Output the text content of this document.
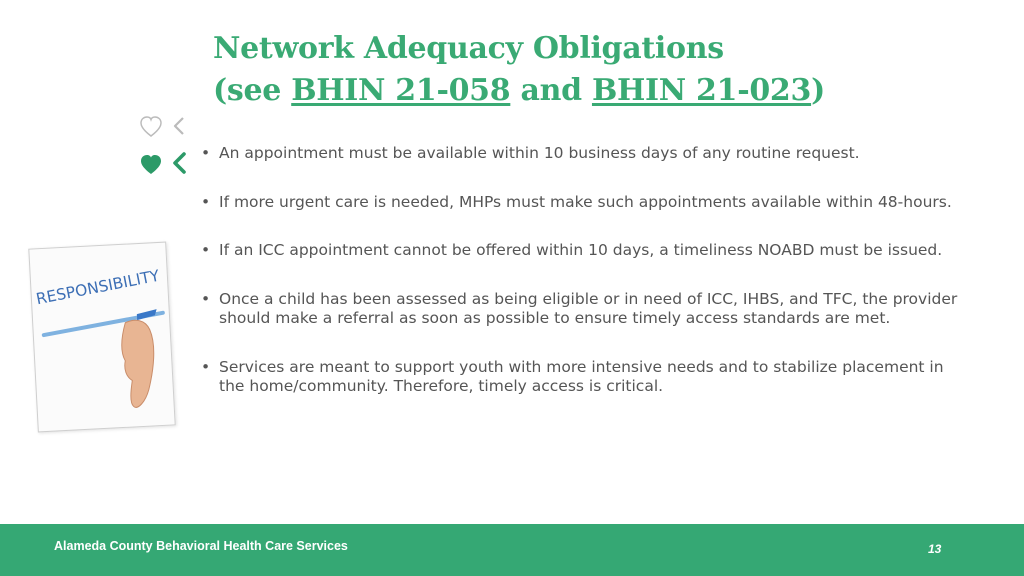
Network Adequacy Obligations
(see BHIN 21-058 and BHIN 21-023)
RESPONSIBILITY
• An appointment must be available within 10 business days of any routine request.
• If more urgent care is needed, MHPs must make such appointments available within 48-hours.
• If an ICC appointment cannot be offered within 10 days, a timeliness NOABD must be issued.
• Once a child has been assessed as being eligible or in need of ICC, IHBS, and TFC, the provider should make a referral as soon as possible to ensure timely access standards are met.
• Services are meant to support youth with more intensive needs and to stabilize placement in the home/community. Therefore, timely access is critical.
Alameda County Behavioral Health Care Services	13
